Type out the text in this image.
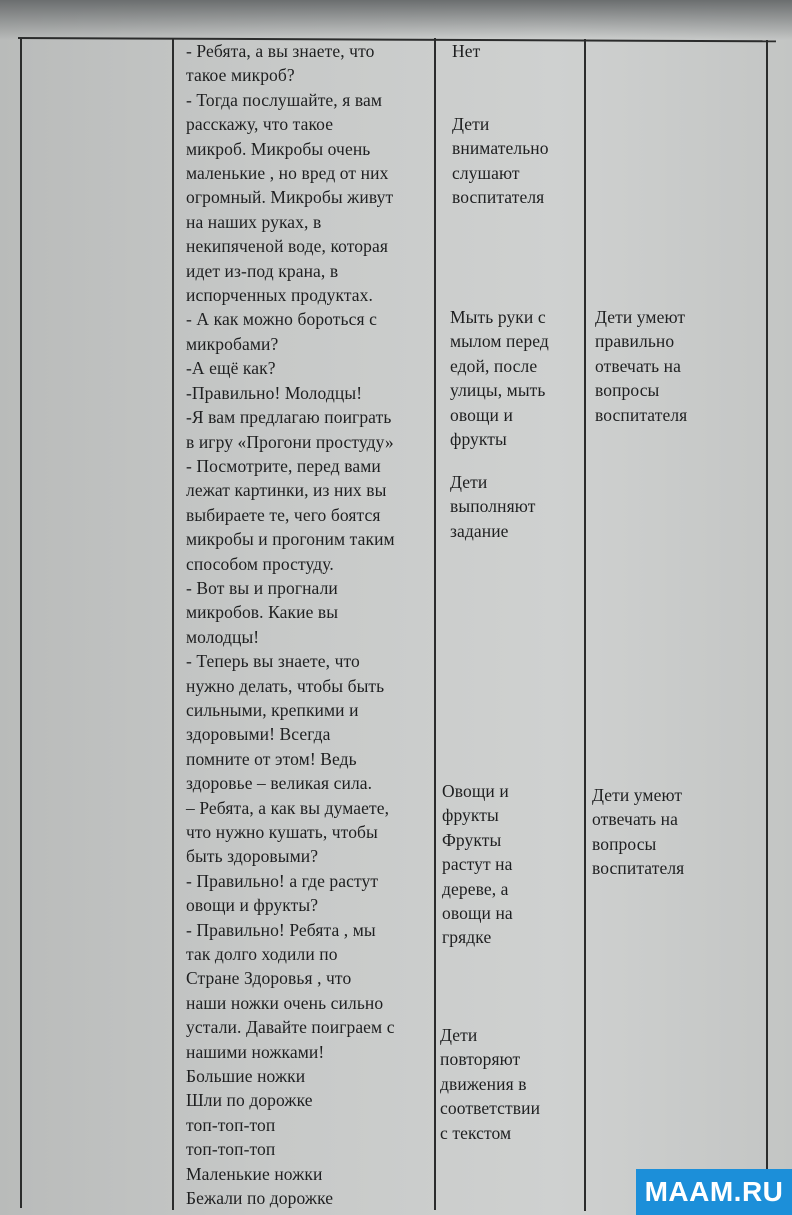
- Ребята, а вы знаете, что

такое микроб?

- Тогда послушайте, я вам

расскажу, что такое

микроб. Микробы очень

маленькие , но вред от них

огромный. Микробы живут

на наших руках, в

некипяченой воде, которая

идет из-под крана, в

испорченных продуктах.

- А как можно бороться с

микробами?

-А ещё как?

-Правильно! Молодцы!

-Я вам предлагаю поиграть

в игру «Прогони простуду»

- Посмотрите, перед вами

лежат картинки, из них вы

выбираете те, чего боятся

микробы и прогоним таким

способом простуду.

- Вот вы и прогнали

микробов. Какие вы

молодцы!

- Теперь вы знаете, что

нужно делать, чтобы быть

сильными, крепкими и

здоровыми! Всегда

помните от этом! Ведь

здоровье – великая сила.

– Ребята, а как вы думаете,

что нужно кушать, чтобы

быть здоровыми?

- Правильно! а где растут

овощи и фрукты?

- Правильно! Ребята , мы

так долго ходили по

Стране Здоровья , что

наши ножки очень сильно

устали. Давайте поиграем с

нашими ножками!

Большие ножки

Шли по дорожке

топ-топ-топ

топ-топ-топ

Маленькие ножки

Бежали по дорожке

Нет

Дети

внимательно

слушают

воспитателя

Мыть руки с

мылом перед

едой, после

улицы, мыть

овощи и

фрукты

Дети

выполняют

задание

Овощи и

фрукты

Фрукты

растут на

дереве, а

овощи на

грядке

Дети

повторяют

движения в

соответствии

с текстом

Дети умеют

правильно

отвечать на

вопросы

воспитателя

Дети умеют

отвечать на

вопросы

воспитателя

MAAM.RU
